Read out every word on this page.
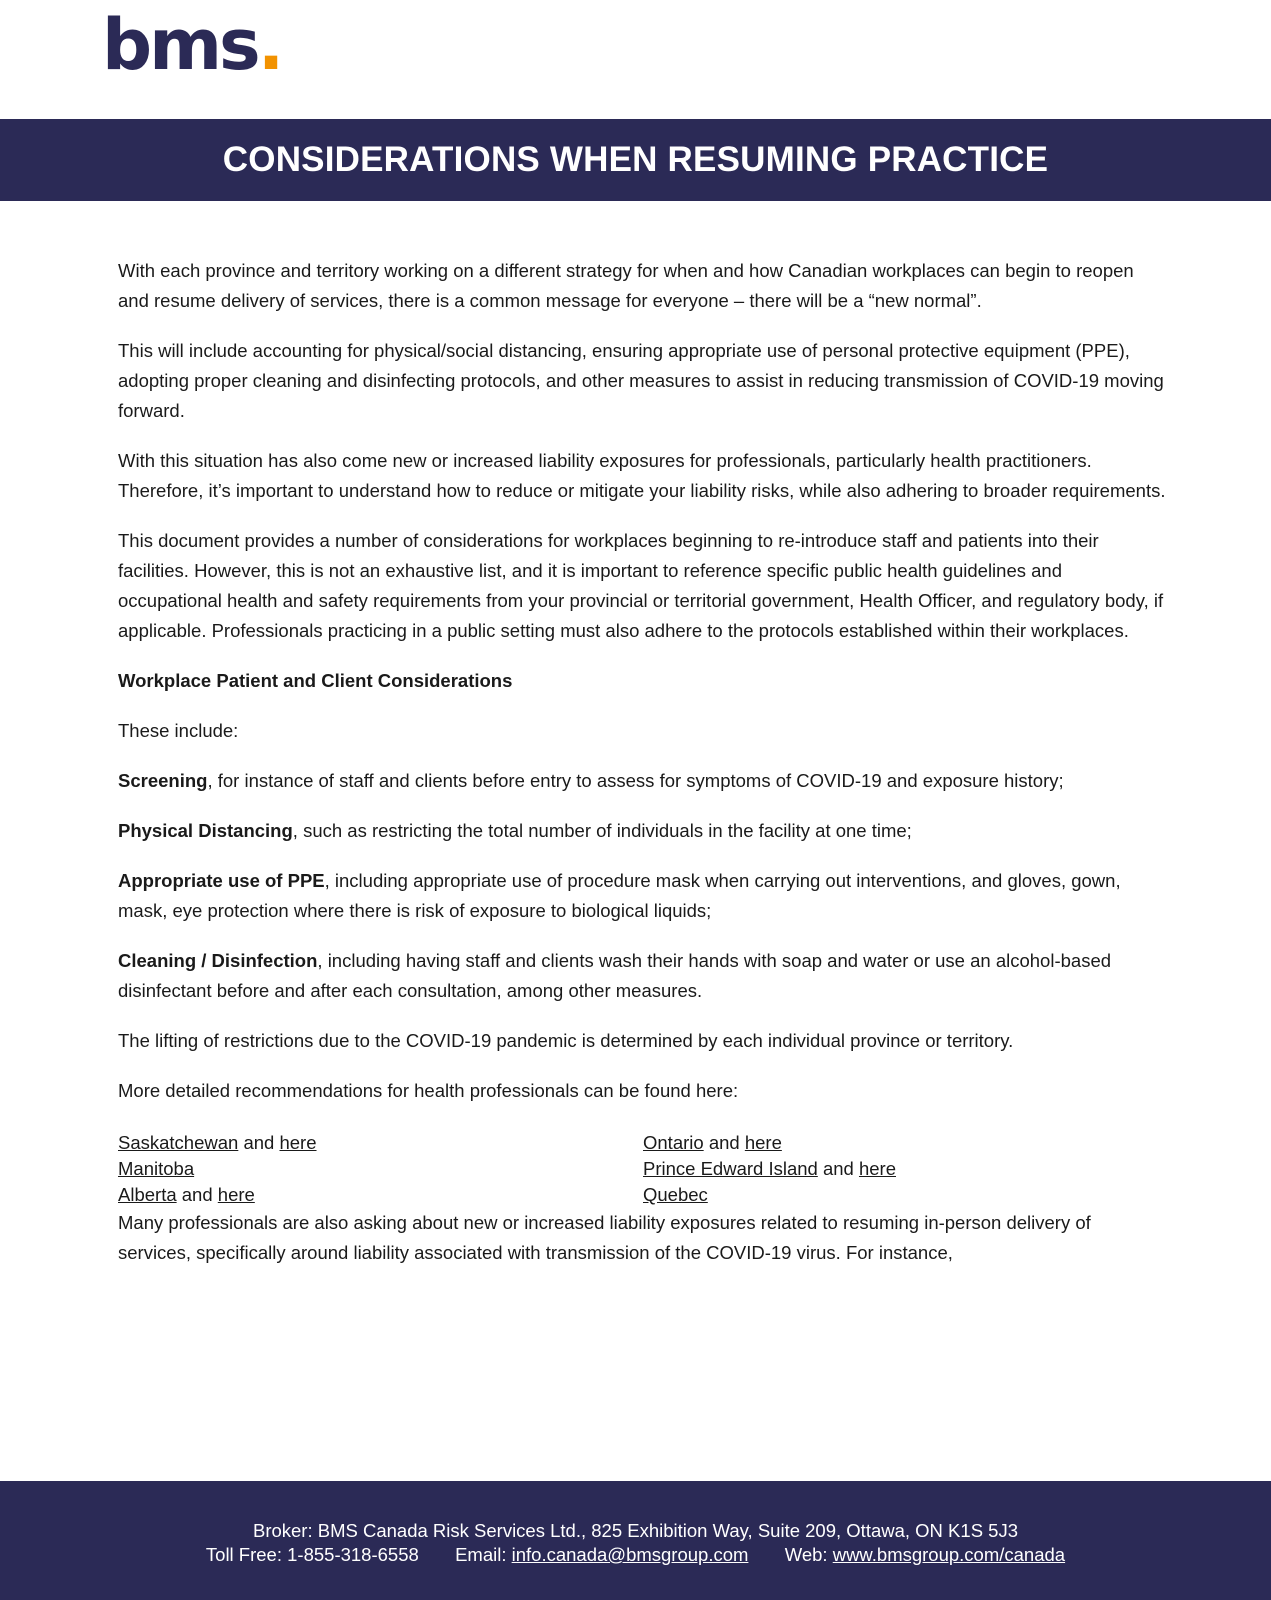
bms.
CONSIDERATIONS WHEN RESUMING PRACTICE

With each province and territory working on a different strategy for when and how Canadian workplaces can begin to reopen and resume delivery of services, there is a common message for everyone – there will be a “new normal”.

This will include accounting for physical/social distancing, ensuring appropriate use of personal protective equipment (PPE), adopting proper cleaning and disinfecting protocols, and other measures to assist in reducing transmission of COVID-19 moving forward.

With this situation has also come new or increased liability exposures for professionals, particularly health practitioners. Therefore, it’s important to understand how to reduce or mitigate your liability risks, while also adhering to broader requirements.

This document provides a number of considerations for workplaces beginning to re-introduce staff and patients into their facilities. However, this is not an exhaustive list, and it is important to reference specific public health guidelines and occupational health and safety requirements from your provincial or territorial government, Health Officer, and regulatory body, if applicable. Professionals practicing in a public setting must also adhere to the protocols established within their workplaces.

Workplace Patient and Client Considerations

These include:

Screening, for instance of staff and clients before entry to assess for symptoms of COVID-19 and exposure history;

Physical Distancing, such as restricting the total number of individuals in the facility at one time;

Appropriate use of PPE, including appropriate use of procedure mask when carrying out interventions, and gloves, gown, mask, eye protection where there is risk of exposure to biological liquids;

Cleaning / Disinfection, including having staff and clients wash their hands with soap and water or use an alcohol-based disinfectant before and after each consultation, among other measures.

The lifting of restrictions due to the COVID-19 pandemic is determined by each individual province or territory.

More detailed recommendations for health professionals can be found here:

Saskatchewan and here
Manitoba
Alberta and here
Ontario and here
Prince Edward Island and here
Quebec

Many professionals are also asking about new or increased liability exposures related to resuming in-person delivery of services, specifically around liability associated with transmission of the COVID-19 virus. For instance,

Broker: BMS Canada Risk Services Ltd., 825 Exhibition Way, Suite 209, Ottawa, ON K1S 5J3
Toll Free: 1-855-318-6558 Email: info.canada@bmsgroup.com Web: www.bmsgroup.com/canada
